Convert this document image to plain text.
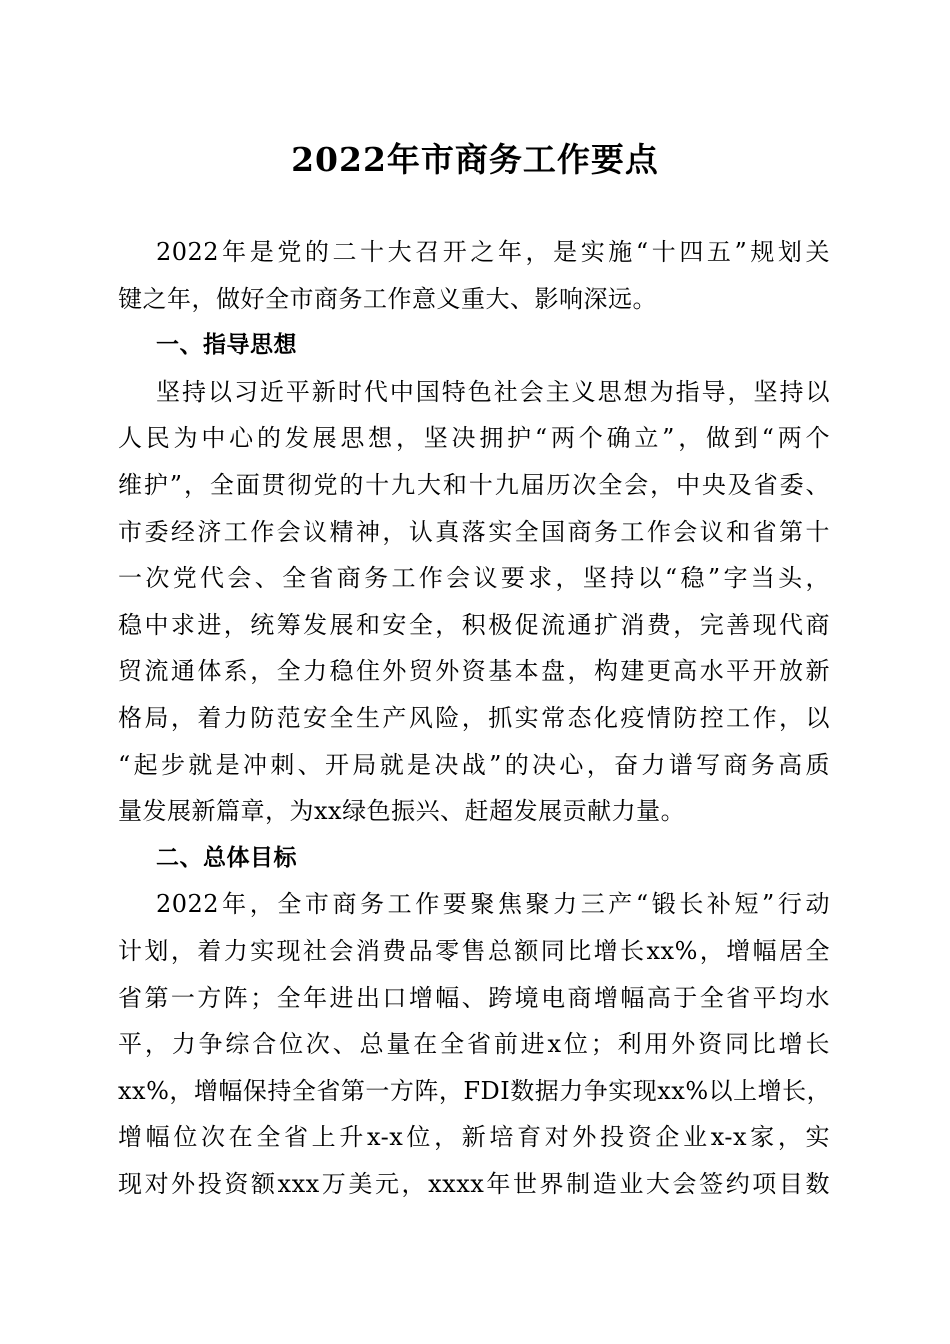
2022年市商务工作要点
2022年是党的二十大召开之年，是实施“十四五”规划关
键之年，做好全市商务工作意义重大、影响深远。
一、指导思想
坚持以习近平新时代中国特色社会主义思想为指导，坚持以
人民为中心的发展思想，坚决拥护“两个确立”，做到“两个
维护”，全面贯彻党的十九大和十九届历次全会，中央及省委、
市委经济工作会议精神，认真落实全国商务工作会议和省第十
一次党代会、全省商务工作会议要求，坚持以“稳”字当头，
稳中求进，统筹发展和安全，积极促流通扩消费，完善现代商
贸流通体系，全力稳住外贸外资基本盘，构建更高水平开放新
格局，着力防范安全生产风险，抓实常态化疫情防控工作，以
“起步就是冲刺、开局就是决战”的决心，奋力谱写商务高质
量发展新篇章，为xx绿色振兴、赶超发展贡献力量。
二、总体目标
2022年，全市商务工作要聚焦聚力三产“锻长补短”行动
计划，着力实现社会消费品零售总额同比增长xx%，增幅居全
省第一方阵；全年进出口增幅、跨境电商增幅高于全省平均水
平，力争综合位次、总量在全省前进x位；利用外资同比增长
xx%，增幅保持全省第一方阵，FDI数据力争实现xx%以上增长，
增幅位次在全省上升x-x位，新培育对外投资企业x-x家，实
现对外投资额xxx万美元，xxxx年世界制造业大会签约项目数
